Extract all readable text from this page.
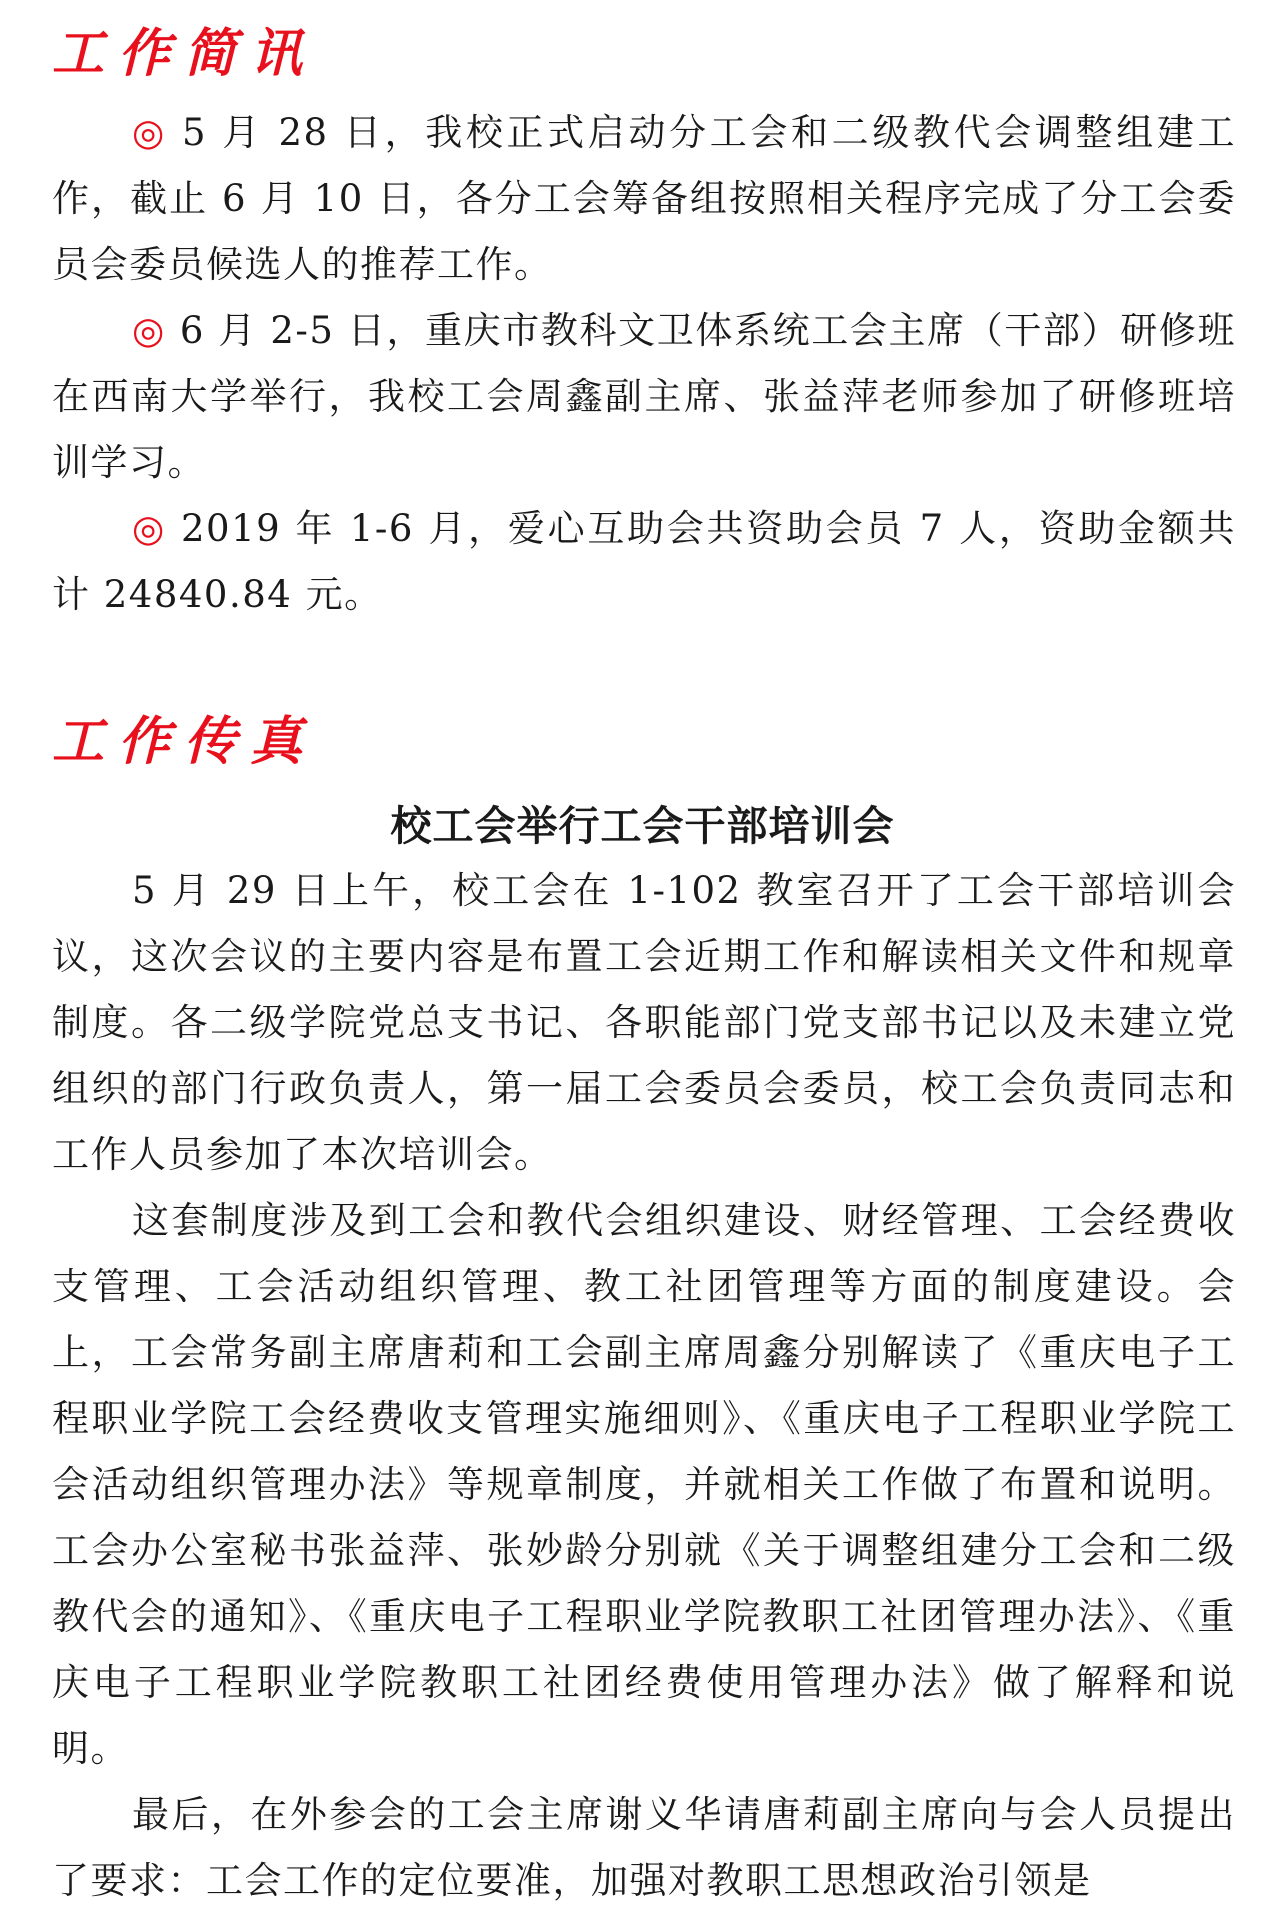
工作简讯

◎ 5 月 28 日，我校正式启动分工会和二级教代会调整组建工作，截止 6 月 10 日，各分工会筹备组按照相关程序完成了分工会委员会委员候选人的推荐工作。

◎ 6 月 2-5 日，重庆市教科文卫体系统工会主席（干部）研修班在西南大学举行，我校工会周鑫副主席、张益萍老师参加了研修班培训学习。

◎ 2019 年 1-6 月，爱心互助会共资助会员 7 人，资助金额共计 24840.84 元。

工作传真
校工会举行工会干部培训会

5 月 29 日上午，校工会在 1-102 教室召开了工会干部培训会议，这次会议的主要内容是布置工会近期工作和解读相关文件和规章制度。各二级学院党总支书记、各职能部门党支部书记以及未建立党组织的部门行政负责人，第一届工会委员会委员，校工会负责同志和工作人员参加了本次培训会。

这套制度涉及到工会和教代会组织建设、财经管理、工会经费收支管理、工会活动组织管理、教工社团管理等方面的制度建设。会上，工会常务副主席唐莉和工会副主席周鑫分别解读了《重庆电子工程职业学院工会经费收支管理实施细则》、《重庆电子工程职业学院工会活动组织管理办法》等规章制度，并就相关工作做了布置和说明。工会办公室秘书张益萍、张妙龄分别就《关于调整组建分工会和二级教代会的通知》、《重庆电子工程职业学院教职工社团管理办法》、《重庆电子工程职业学院教职工社团经费使用管理办法》做了解释和说明。

最后，在外参会的工会主席谢义华请唐莉副主席向与会人员提出了要求：工会工作的定位要准，加强对教职工思想政治引领是
